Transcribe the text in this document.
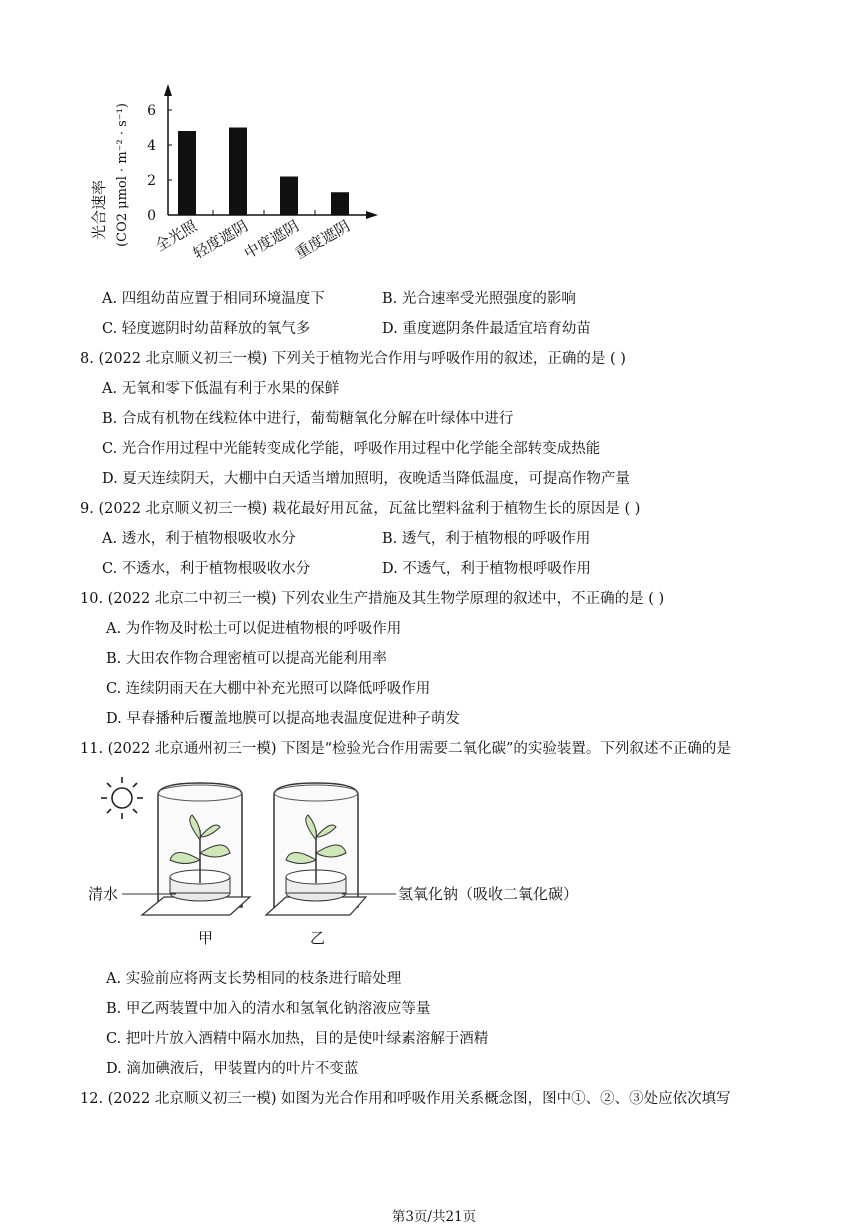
光合速率 (CO2 μmol · m⁻² · s⁻¹) 0
2
4
6
全光照
轻度遮阴
中度遮阴
重度遮阴
A. 四组幼苗应置于相同环境温度下	B. 光合速率受光照强度的影响
C. 轻度遮阴时幼苗释放的氧气多	D. 重度遮阴条件最适宜培育幼苗
8. (2022 北京顺义初三一模) 下列关于植物光合作用与呼吸作用的叙述，正确的是 ( )
A. 无氧和零下低温有利于水果的保鲜
B. 合成有机物在线粒体中进行，葡萄糖氧化分解在叶绿体中进行
C. 光合作用过程中光能转变成化学能，呼吸作用过程中化学能全部转变成热能
D. 夏天连续阴天，大棚中白天适当增加照明，夜晚适当降低温度，可提高作物产量
9. (2022 北京顺义初三一模) 栽花最好用瓦盆，瓦盆比塑料盆利于植物生长的原因是 ( )
A. 透水，利于植物根吸收水分	B. 透气，利于植物根的呼吸作用
C. 不透水，利于植物根吸收水分	D. 不透气，利于植物根呼吸作用
10. (2022 北京二中初三一模) 下列农业生产措施及其生物学原理的叙述中，不正确的是 ( )
A. 为作物及时松土可以促进植物根的呼吸作用
B. 大田农作物合理密植可以提高光能利用率
C. 连续阴雨天在大棚中补充光照可以降低呼吸作用
D. 早春播种后覆盖地膜可以提高地表温度促进种子萌发
11. (2022 北京通州初三一模) 下图是“检验光合作用需要二氧化碳”的实验装置。下列叙述不正确的是
清水	氢氧化钠（吸收二氧化碳）
甲	乙
A. 实验前应将两支长势相同的枝条进行暗处理
B. 甲乙两装置中加入的清水和氢氧化钠溶液应等量
C. 把叶片放入酒精中隔水加热，目的是使叶绿素溶解于酒精
D. 滴加碘液后，甲装置内的叶片不变蓝
12. (2022 北京顺义初三一模) 如图为光合作用和呼吸作用关系概念图，图中①、②、③处应依次填写
第3页/共21页
